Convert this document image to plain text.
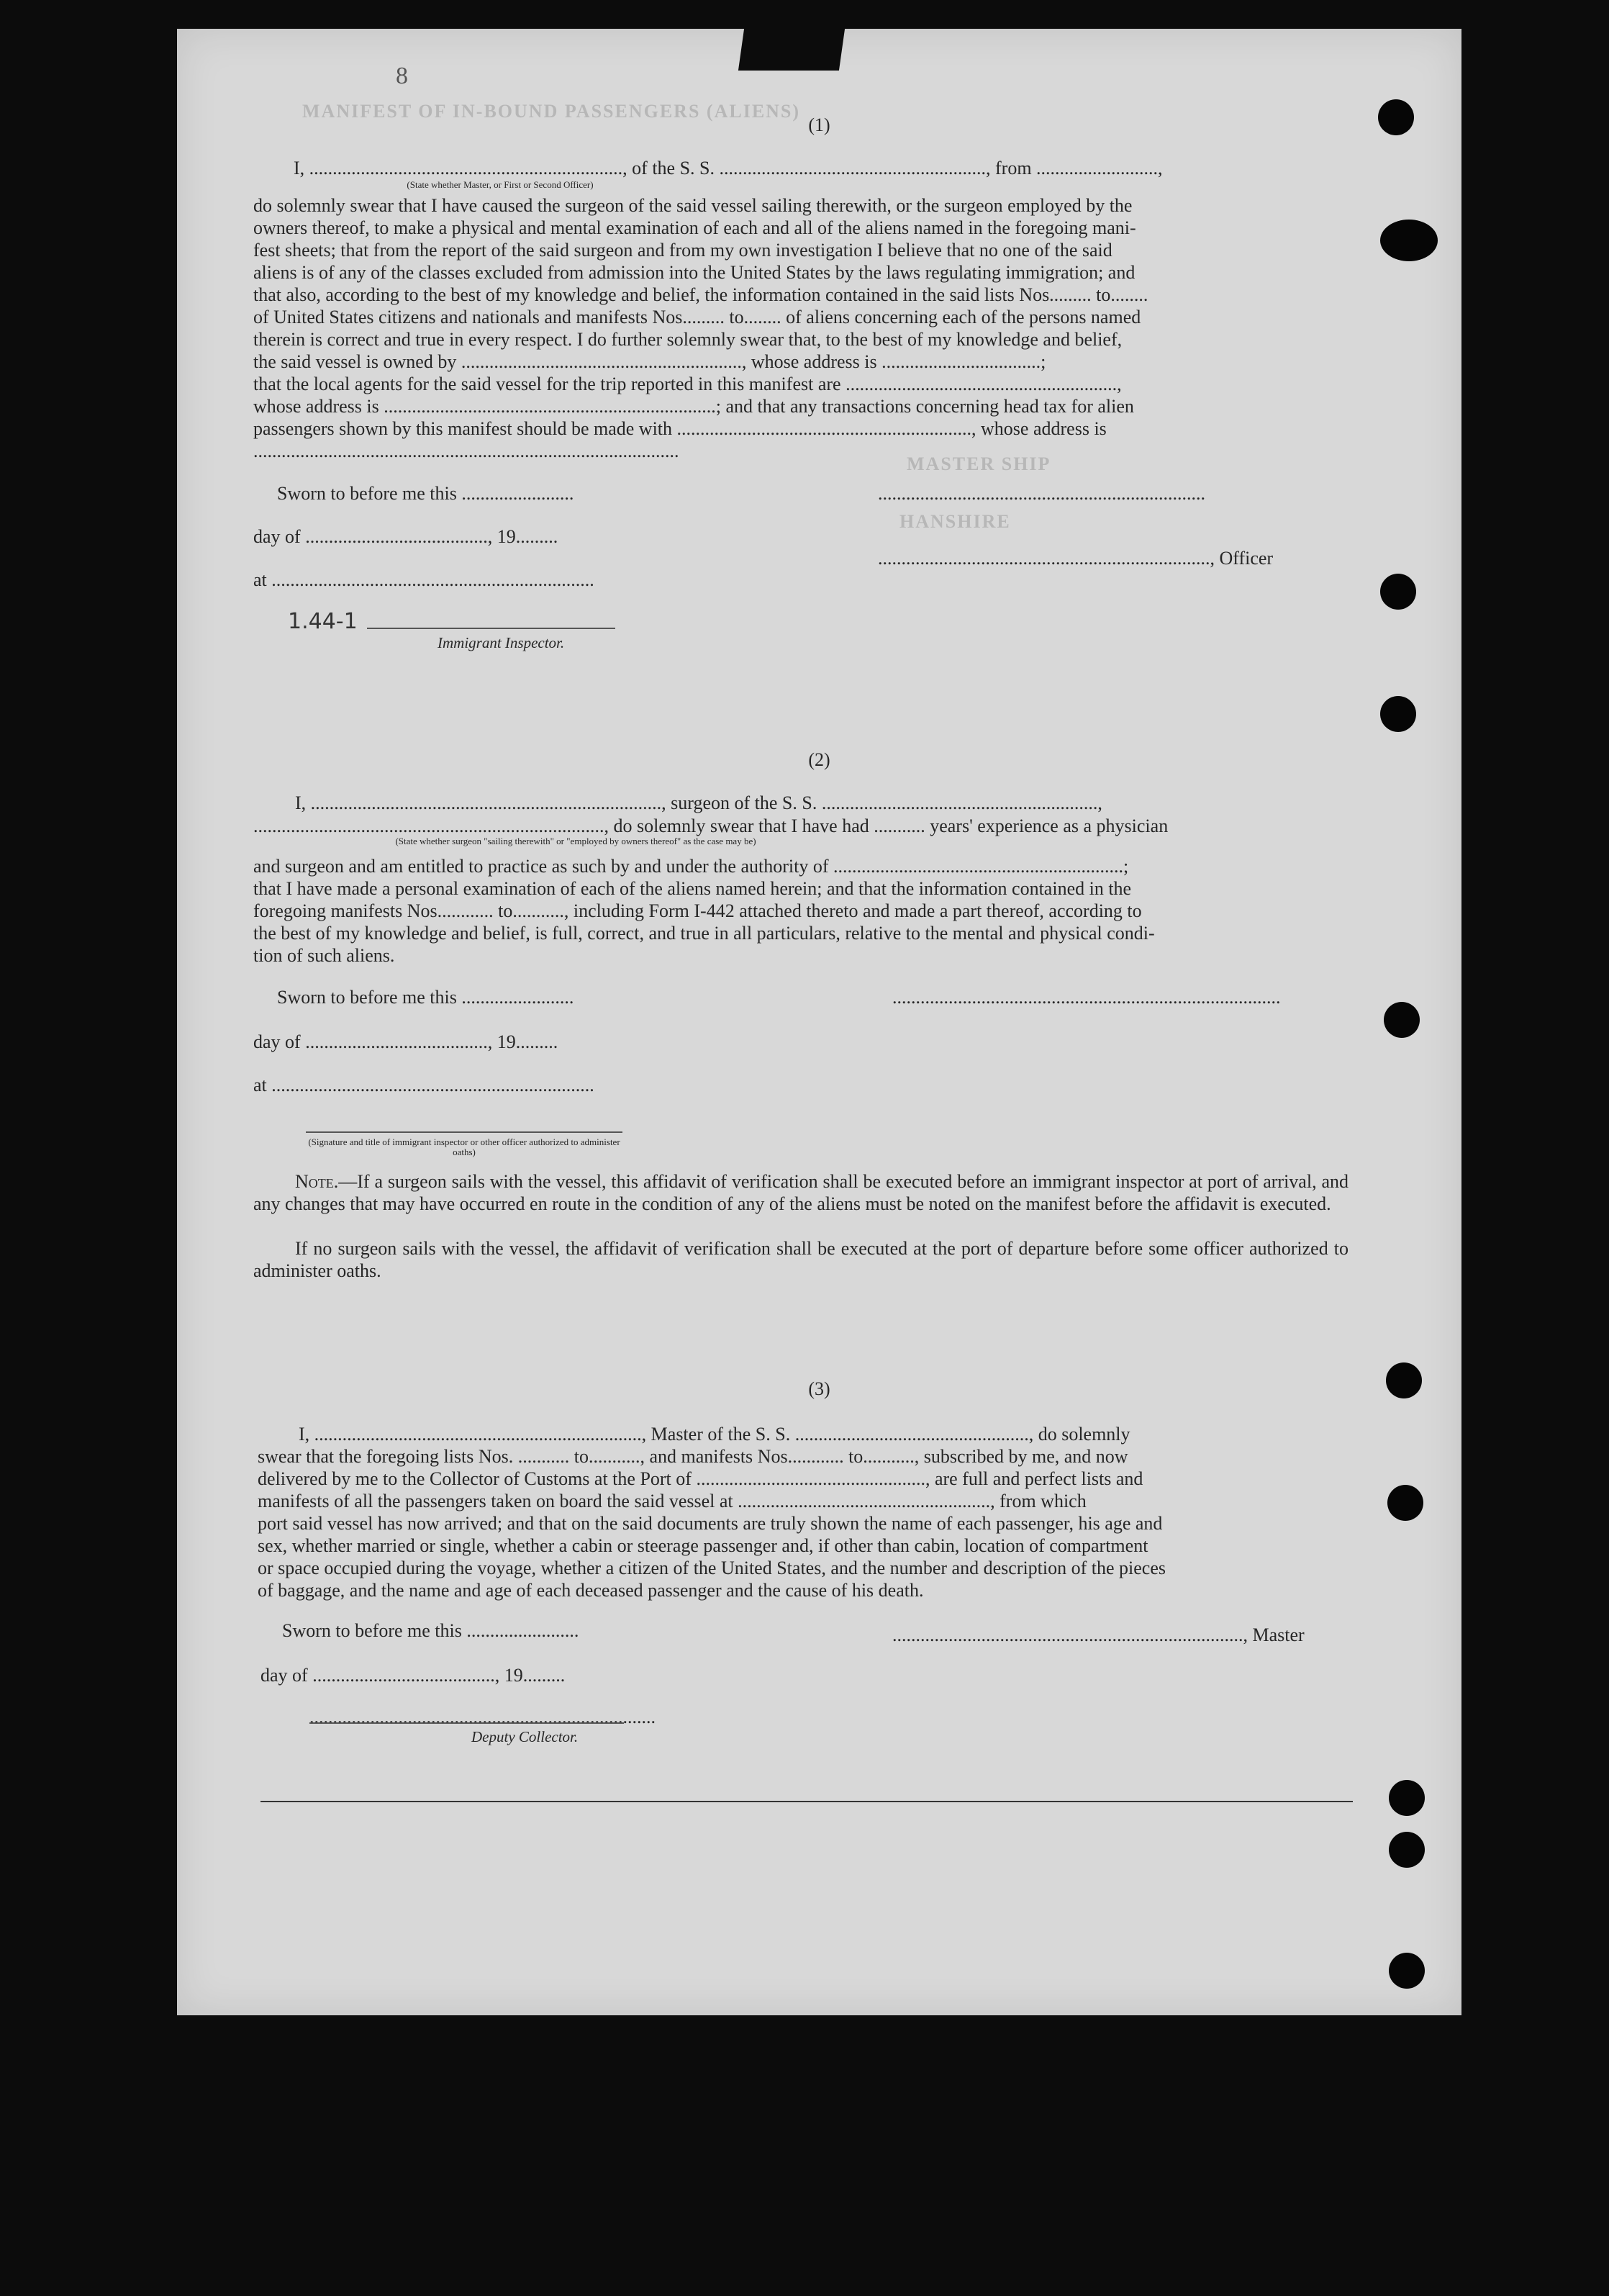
MANIFEST OF IN-BOUND PASSENGERS (ALIENS)
MASTER SHIP
HANSHIRE
8
(1)
I, ..................................................................., of the S. S. ........................................................., from ..........................,
(State whether Master, or First or Second Officer)
do solemnly swear that I have caused the surgeon of the said vessel sailing therewith, or the surgeon employed by the
owners thereof, to make a physical and mental examination of each and all of the aliens named in the foregoing mani-
fest sheets; that from the report of the said surgeon and from my own investigation I believe that no one of the said
aliens is of any of the classes excluded from admission into the United States by the laws regulating immigration; and
that also, according to the best of my knowledge and belief, the information contained in the said lists Nos......... to........
of United States citizens and nationals and manifests Nos......... to........ of aliens concerning each of the persons named
therein is correct and true in every respect. I do further solemnly swear that, to the best of my knowledge and belief,
the said vessel is owned by ............................................................, whose address is ..................................;
that the local agents for the said vessel for the trip reported in this manifest are ..........................................................,
whose address is .......................................................................; and that any transactions concerning head tax for alien
passengers shown by this manifest should be made with ..............................................................., whose address is
...........................................................................................
Sworn to before me this ........................	......................................................................
day of ......................................., 19.........
......................................................................., Officer
at .....................................................................
1.44-1
Immigrant Inspector.
(2)
I, ..........................................................................., surgeon of the S. S. ...........................................................,
..........................................................................., do solemnly swear that I have had ........... years' experience as a physician
(State whether surgeon "sailing therewith" or "employed by owners thereof" as the case may be)
and surgeon and am entitled to practice as such by and under the authority of ..............................................................;
that I have made a personal examination of each of the aliens named herein; and that the information contained in the
foregoing manifests Nos............ to..........., including Form I-442 attached thereto and made a part thereof, according to
the best of my knowledge and belief, is full, correct, and true in all particulars, relative to the mental and physical condi-
tion of such aliens.
Sworn to before me this ........................	...................................................................................
day of ......................................., 19.........
at .....................................................................
(Signature and title of immigrant inspector or other officer authorized to administer oaths)
Note.—If a surgeon sails with the vessel, this affidavit of verification shall be executed before an immigrant inspector at port of arrival, and any changes that may have occurred en route in the condition of any of the aliens must be noted on the manifest before the affidavit is executed.
If no surgeon sails with the vessel, the affidavit of verification shall be executed at the port of departure before some officer authorized to administer oaths.
(3)
I, ......................................................................, Master of the S. S. .................................................., do solemnly
swear that the foregoing lists Nos. ........... to..........., and manifests Nos............ to..........., subscribed by me, and now
delivered by me to the Collector of Customs at the Port of ................................................., are full and perfect lists and
manifests of all the passengers taken on board the said vessel at ......................................................, from which
port said vessel has now arrived; and that on the said documents are truly shown the name of each passenger, his age and
sex, whether married or single, whether a cabin or steerage passenger and, if other than cabin, location of compartment
or space occupied during the voyage, whether a citizen of the United States, and the number and description of the pieces
of baggage, and the name and age of each deceased passenger and the cause of his death.
Sworn to before me this ........................	..........................................................................., Master
day of ......................................., 19.........
..........................................................................
Deputy Collector.
